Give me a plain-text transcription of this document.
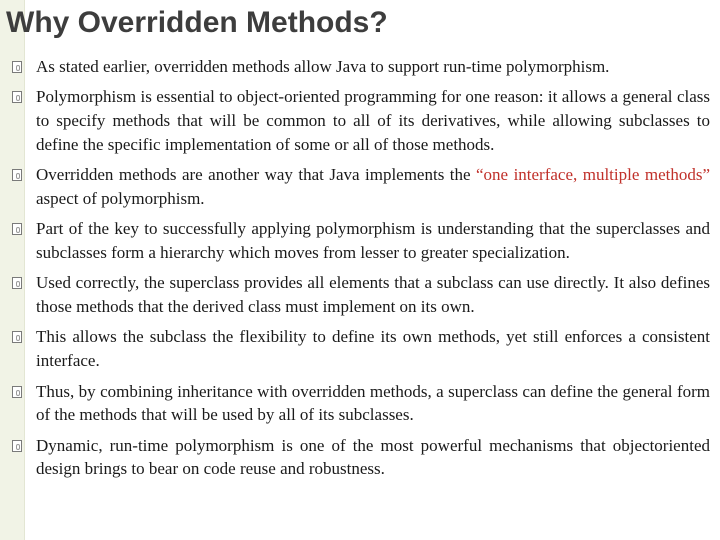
Why Overridden Methods?
As stated earlier, overridden methods allow Java to support run-time polymorphism.
Polymorphism is essential to object-oriented programming for one reason: it allows a general class to specify methods that will be common to all of its derivatives, while allowing subclasses to define the specific implementation of some or all of those methods.
Overridden methods are another way that Java implements the “one interface, multiple methods” aspect of polymorphism.
Part of the key to successfully applying polymorphism is understanding that the superclasses and subclasses form a hierarchy which moves from lesser to greater specialization.
Used correctly, the superclass provides all elements that a subclass can use directly. It also defines those methods that the derived class must implement on its own.
This allows the subclass the flexibility to define its own methods, yet still enforces a consistent interface.
Thus, by combining inheritance with overridden methods, a superclass can define the general form of the methods that will be used by all of its subclasses.
Dynamic, run-time polymorphism is one of the most powerful mechanisms that objectoriented design brings to bear on code reuse and robustness.
